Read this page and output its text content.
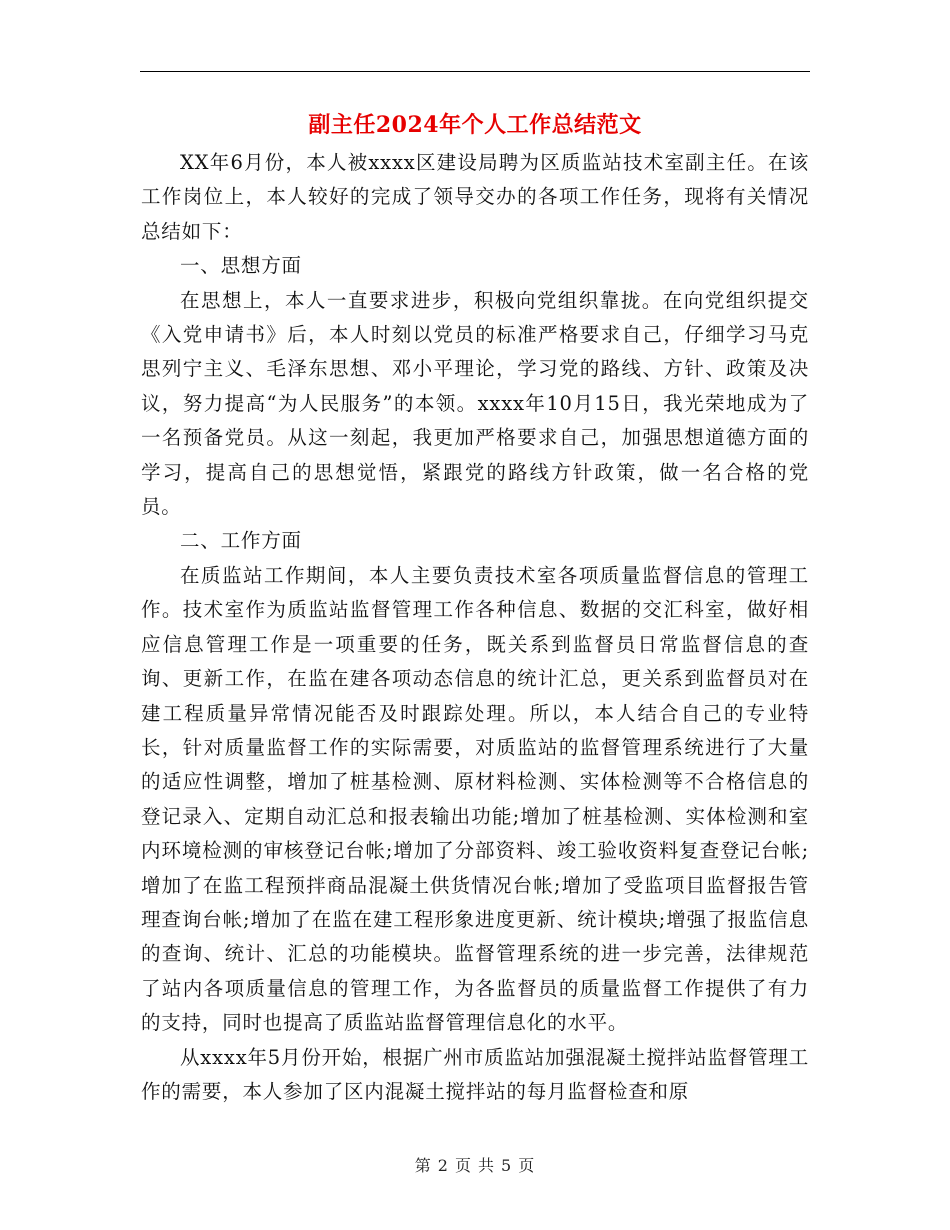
副主任2024年个人工作总结范文

XX年6月份，本人被xxxx区建设局聘为区质监站技术室副主任。在该工作岗位上，本人较好的完成了领导交办的各项工作任务，现将有关情况总结如下：

一、思想方面

在思想上，本人一直要求进步，积极向党组织靠拢。在向党组织提交《入党申请书》后，本人时刻以党员的标准严格要求自己，仔细学习马克思列宁主义、毛泽东思想、邓小平理论，学习党的路线、方针、政策及决议，努力提高“为人民服务”的本领。xxxx年10月15日，我光荣地成为了一名预备党员。从这一刻起，我更加严格要求自己，加强思想道德方面的学习，提高自己的思想觉悟，紧跟党的路线方针政策，做一名合格的党员。

二、工作方面

在质监站工作期间，本人主要负责技术室各项质量监督信息的管理工作。技术室作为质监站监督管理工作各种信息、数据的交汇科室，做好相应信息管理工作是一项重要的任务，既关系到监督员日常监督信息的查询、更新工作，在监在建各项动态信息的统计汇总，更关系到监督员对在建工程质量异常情况能否及时跟踪处理。所以，本人结合自己的专业特长，针对质量监督工作的实际需要，对质监站的监督管理系统进行了大量的适应性调整，增加了桩基检测、原材料检测、实体检测等不合格信息的登记录入、定期自动汇总和报表输出功能;增加了桩基检测、实体检测和室内环境检测的审核登记台帐;增加了分部资料、竣工验收资料复查登记台帐;增加了在监工程预拌商品混凝土供货情况台帐;增加了受监项目监督报告管理查询台帐;增加了在监在建工程形象进度更新、统计模块;增强了报监信息的查询、统计、汇总的功能模块。监督管理系统的进一步完善，法律规范了站内各项质量信息的管理工作，为各监督员的质量监督工作提供了有力的支持，同时也提高了质监站监督管理信息化的水平。

从xxxx年5月份开始，根据广州市质监站加强混凝土搅拌站监督管理工作的需要，本人参加了区内混凝土搅拌站的每月监督检查和原

第 2 页 共 5 页
